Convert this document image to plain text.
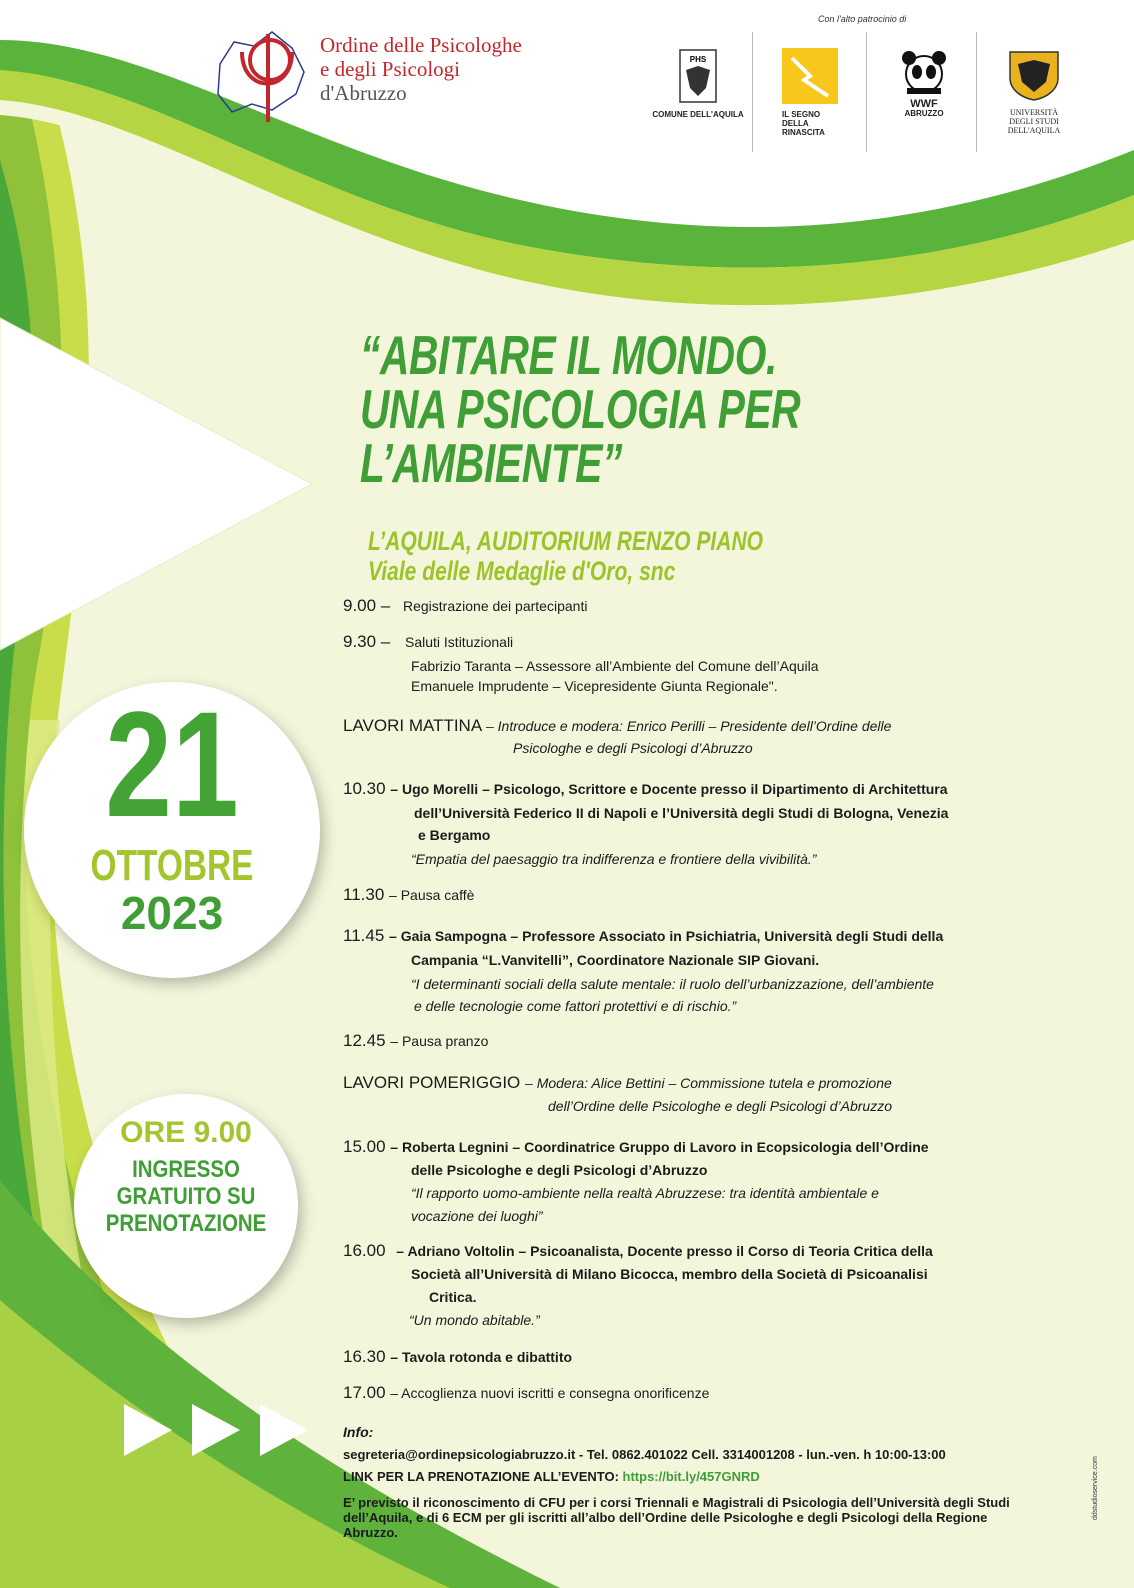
Ordine delle Psicologhe
e degli Psicologi
d'Abruzzo
Con l'alto patrocinio di
PHS
COMUNE DELL'AQUILA	IL SEGNO
DELLA
RINASCITA
WWF
ABRUZZO	UNIVERSITÀ
DEGLI STUDI
DELL'AQUILA
“ABITARE IL MONDO.
UNA PSICOLOGIA PER
L’AMBIENTE”
L’AQUILA, AUDITORIUM RENZO PIANO
Viale delle Medaglie d'Oro, snc
21
OTTOBRE
2023
ORE 9.00
INGRESSO
GRATUITO SU
PRENOTAZIONE
9.00 – Registrazione dei partecipanti
9.30 – Saluti Istituzionali
Fabrizio Taranta – Assessore all’Ambiente del Comune dell’Aquila
Emanuele Imprudente – Vicepresidente Giunta Regionale".
LAVORI MATTINA – Introduce e modera: Enrico Perilli – Presidente dell’Ordine delle
Psicologhe e degli Psicologi d’Abruzzo
10.30 – Ugo Morelli – Psicologo, Scrittore e Docente presso il Dipartimento di Architettura
dell’Università Federico II di Napoli e l’Università degli Studi di Bologna, Venezia
e Bergamo
“Empatia del paesaggio tra indifferenza e frontiere della vivibilità.”
11.30 – Pausa caffè
11.45 – Gaia Sampogna – Professore Associato in Psichiatria, Università degli Studi della
Campania “L.Vanvitelli”, Coordinatore Nazionale SIP Giovani.
“I determinanti sociali della salute mentale: il ruolo dell’urbanizzazione, dell’ambiente
e delle tecnologie come fattori protettivi e di rischio.”
12.45 – Pausa pranzo
LAVORI POMERIGGIO – Modera: Alice Bettini – Commissione tutela e promozione
dell’Ordine delle Psicologhe e degli Psicologi d’Abruzzo
15.00 – Roberta Legnini – Coordinatrice Gruppo di Lavoro in Ecopsicologia dell’Ordine
delle Psicologhe e degli Psicologi d’Abruzzo
“Il rapporto uomo-ambiente nella realtà Abruzzese: tra identità ambientale e
vocazione dei luoghi”
16.00 – Adriano Voltolin – Psicoanalista, Docente presso il Corso di Teoria Critica della
Società all’Università di Milano Bicocca, membro della Società di Psicoanalisi
Critica.
“Un mondo abitable.”
16.30 – Tavola rotonda e dibattito
17.00 – Accoglienza nuovi iscritti e consegna onorificenze
Info:
segreteria@ordinepsicologiabruzzo.it - Tel. 0862.401022 Cell. 3314001208 - lun.-ven. h 10:00-13:00
LINK PER LA PRENOTAZIONE ALL’EVENTO: https://bit.ly/457GNRD
E’ previsto il riconoscimento di CFU per i corsi Triennali e Magistrali di Psicologia dell’Università degli Studi dell’Aquila, e di 6 ECM per gli iscritti all’albo dell’Ordine delle Psicologhe e degli Psicologi della Regione Abruzzo.
ddstudioservice.com
